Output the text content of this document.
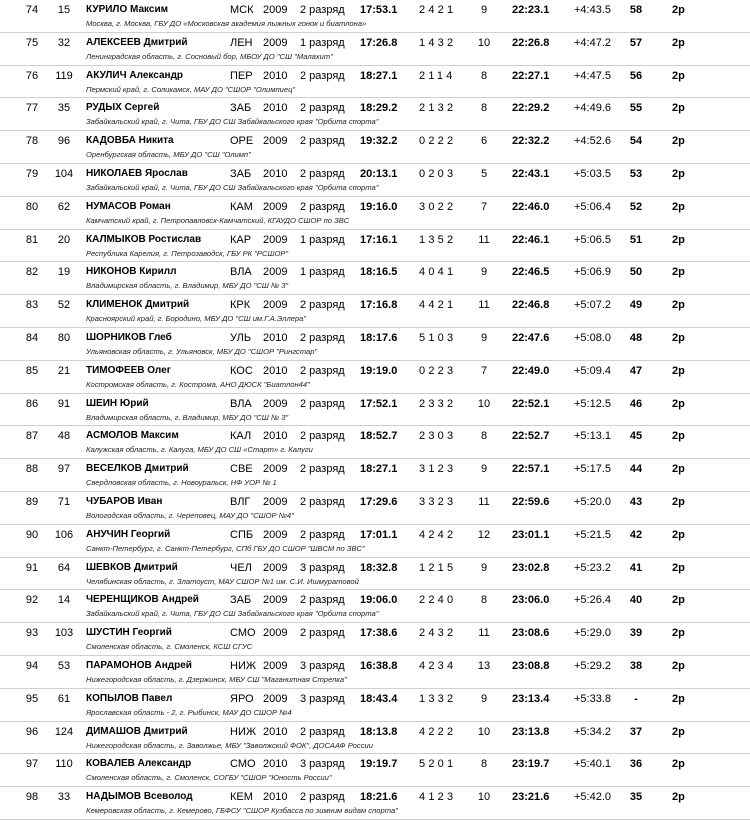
74	15	КУРИЛО Максим	МСК 2009 2 разряд 17:53.1 2421	9	22:23.1 +4:43.5	58	2р
Москва, г. Москва, ГБУ ДО «Московская академия лыжных гонок и биатлона»
75	32	АЛЕКСЕЕВ Дмитрий	ЛЕН 2009 1 разряд 17:26.8 1432	10	22:26.8 +4:47.2	57	2р
Ленинградская область, г. Сосновый бор, МБОУ ДО "СШ "Малахит"
76	119	АКУЛИЧ Александр	ПЕР 2010 2 разряд 18:27.1 2114	8	22:27.1 +4:47.5	56	2р
Пермский край, г. Соликамск, МАУ ДО "СШОР "Олимпиец"
77	35	РУДЫХ Сергей	ЗАБ 2010 2 разряд 18:29.2 2132	8	22:29.2 +4:49.6	55	2р
Забайкальский край, г. Чита, ГБУ ДО СШ Забайкальского края "Орбита спорта"
78	96	КАДОВБА Никита	ОРЕ 2009 2 разряд 19:32.2 0222	6	22:32.2 +4:52.6	54	2р
Оренбургская область, МБУ ДО "СШ "Олимп"
79	104 НИКОЛАЕВ Ярослав	ЗАБ 2010 2 разряд 20:13.1 0203	5	22:43.1 +5:03.5	53	2р
Забайкальский край, г. Чита, ГБУ ДО СШ Забайкальского края "Орбита спорта"
80	62	НУМАСОВ Роман	КАМ 2009 2 разряд 19:16.0 3022	7	22:46.0 +5:06.4	52	2р
Камчатский край, г. Петропавловск-Камчатский, КГАУДО СШОР по ЗВС
81	20	КАЛМЫКОВ Ростислав	КАР 2009 1 разряд 17:16.1 1352	11	22:46.1 +5:06.5	51	2р
Республика Карелия, г. Петрозаводск, ГБУ РК "РСШОР"
82	19	НИКОНОВ Кирилл	ВЛА 2009 1 разряд 18:16.5 4041	9	22:46.5 +5:06.9	50	2р
Владимирская область, г. Владимир, МБУ ДО "СШ № 3"
83	52	КЛИМЕНОК Дмитрий	КРК 2009 2 разряд 17:16.8 4421	11	22:46.8 +5:07.2	49	2р
Красноярский край, г. Бородино, МБУ ДО "СШ им.Г.А.Эллера"
84	80	ШОРНИКОВ Глеб	УЛЬ 2010 2 разряд 18:17.6 5103	9	22:47.6 +5:08.0	48	2р
Ульяновская область, г. Ульяновск, МБУ ДО "СШОР "Рингстар"
85	21	ТИМОФЕЕВ Олег	КОС 2010 2 разряд 19:19.0 0223	7	22:49.0 +5:09.4	47	2р
Костромская область, г. Кострома, АНО ДЮСК "Биатлон44"
86	91	ШЕИН Юрий	ВЛА 2009 2 разряд 17:52.1 2332	10	22:52.1 +5:12.5	46	2р
Владимирская область, г. Владимир, МБУ ДО "СШ № 3"
87	48	АСМОЛОВ Максим	КАЛ 2010 2 разряд 18:52.7 2303	8	22:52.7 +5:13.1	45	2р
Калужская область, г. Калуга, МБУ ДО СШ «Старт» г. Калуги
88	97	ВЕСЕЛКОВ Дмитрий	СВЕ 2009 2 разряд 18:27.1 3123	9	22:57.1 +5:17.5	44	2р
Свердловская область, г. Новоуральск, НФ УОР № 1
89	71	ЧУБАРОВ Иван	ВЛГ 2009 2 разряд 17:29.6 3323	11	22:59.6 +5:20.0	43	2р
Вологодская область, г. Череповец, МАУ ДО "СШОР №4"
90	106 АНУЧИН Георгий	СПБ 2009 2 разряд 17:01.1 4242	12	23:01.1 +5:21.5	42	2р
Санкт-Петербург, г. Санкт-Петербург, СПб ГБУ ДО СШОР "ШВСМ по ЗВС"
91	64	ШЕВКОВ Дмитрий	ЧЕЛ 2009 3 разряд 18:32.8 1215	9	23:02.8 +5:23.2	41	2р
Челябинская область, г. Златоуст, МАУ СШОР №1 им. С.И. Ишмуратовой
92	14	ЧЕРЕНЩИКОВ Андрей	ЗАБ 2009 2 разряд 19:06.0 2240	8	23:06.0 +5:26.4	40	2р
Забайкальский край, г. Чита, ГБУ ДО СШ Забайкальского края "Орбита спорта"
93	103 ШУСТИН Георгий	СМО 2009 2 разряд 17:38.6 2432	11	23:08.6 +5:29.0	39	2р
Смоленская область, г. Смоленск, КСШ СГУС
94	53	ПАРАМОНОВ Андрей	НИЖ 2009 3 разряд 16:38.8 4234	13	23:08.8 +5:29.2	38	2р
Нижегородская область, г. Дзержинск, МБУ СШ "Маганитная Стрелка"
95	61	КОПЫЛОВ Павел	ЯРО 2009 3 разряд 18:43.4 1332	9	23:13.4 +5:33.8	-	2р
Ярославская область - 2, г. Рыбинск, МАУ ДО СШОР №4
96	124 ДИМАШОВ Дмитрий	НИЖ 2010 2 разряд 18:13.8 4222	10	23:13.8 +5:34.2	37	2р
Нижегородская область, г. Заволжье, МБУ "Заволжский ФОК", ДОСААФ России
97	110	КОВАЛЕВ Александр	СМО 2010 3 разряд 19:19.7 5201	8	23:19.7 +5:40.1	36	2р
Смоленская область, г. Смоленск, СОГБУ "СШОР "Юность России"
98	33	НАДЫМОВ Всеволод	КЕМ 2010 2 разряд 18:21.6 4123	10	23:21.6 +5:42.0	35	2р
Кемеровская область, г. Кемерово, ГБФСУ "СШОР Кузбасса по зимним видам спорта"
